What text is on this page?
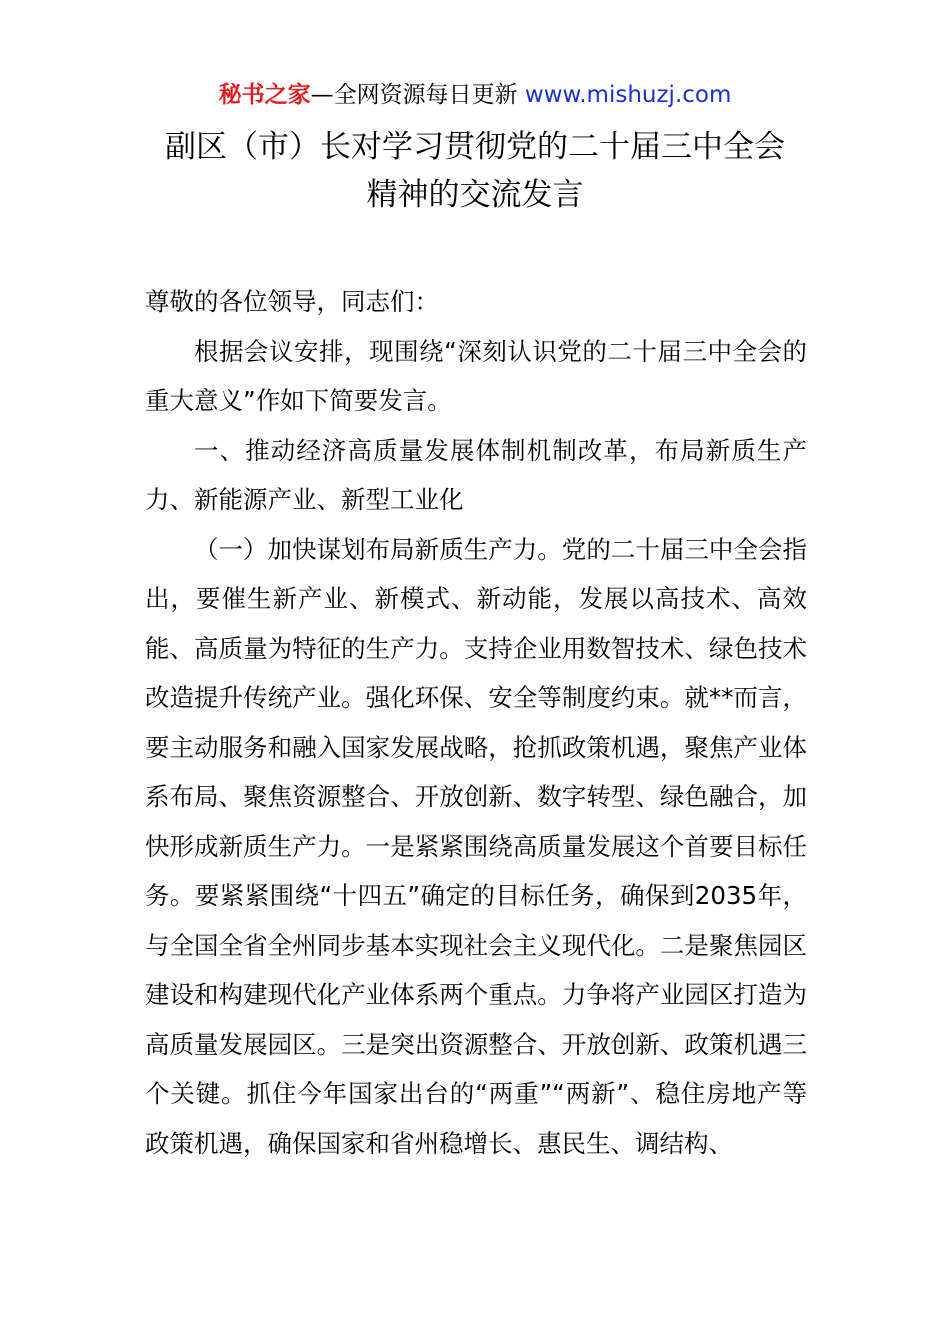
秘书之家—全网资源每日更新 www.mishuzj.com
副区（市）长对学习贯彻党的二十届三中全会
精神的交流发言

尊敬的各位领导，同志们：

根据会议安排，现围绕“深刻认识党的二十届三中全会的重大意义”作如下简要发言。

一、推动经济高质量发展体制机制改革，布局新质生产力、新能源产业、新型工业化

（一）加快谋划布局新质生产力。党的二十届三中全会指出，要催生新产业、新模式、新动能，发展以高技术、高效能、高质量为特征的生产力。支持企业用数智技术、绿色技术改造提升传统产业。强化环保、安全等制度约束。就**而言，要主动服务和融入国家发展战略，抢抓政策机遇，聚焦产业体系布局、聚焦资源整合、开放创新、数字转型、绿色融合，加快形成新质生产力。一是紧紧围绕高质量发展这个首要目标任务。要紧紧围绕“十四五”确定的目标任务，确保到2035年，与全国全省全州同步基本实现社会主义现代化。二是聚焦园区建设和构建现代化产业体系两个重点。力争将产业园区打造为高质量发展园区。三是突出资源整合、开放创新、政策机遇三个关键。抓住今年国家出台的“两重”“两新”、稳住房地产等政策机遇，确保国家和省州稳增长、惠民生、调结构、
